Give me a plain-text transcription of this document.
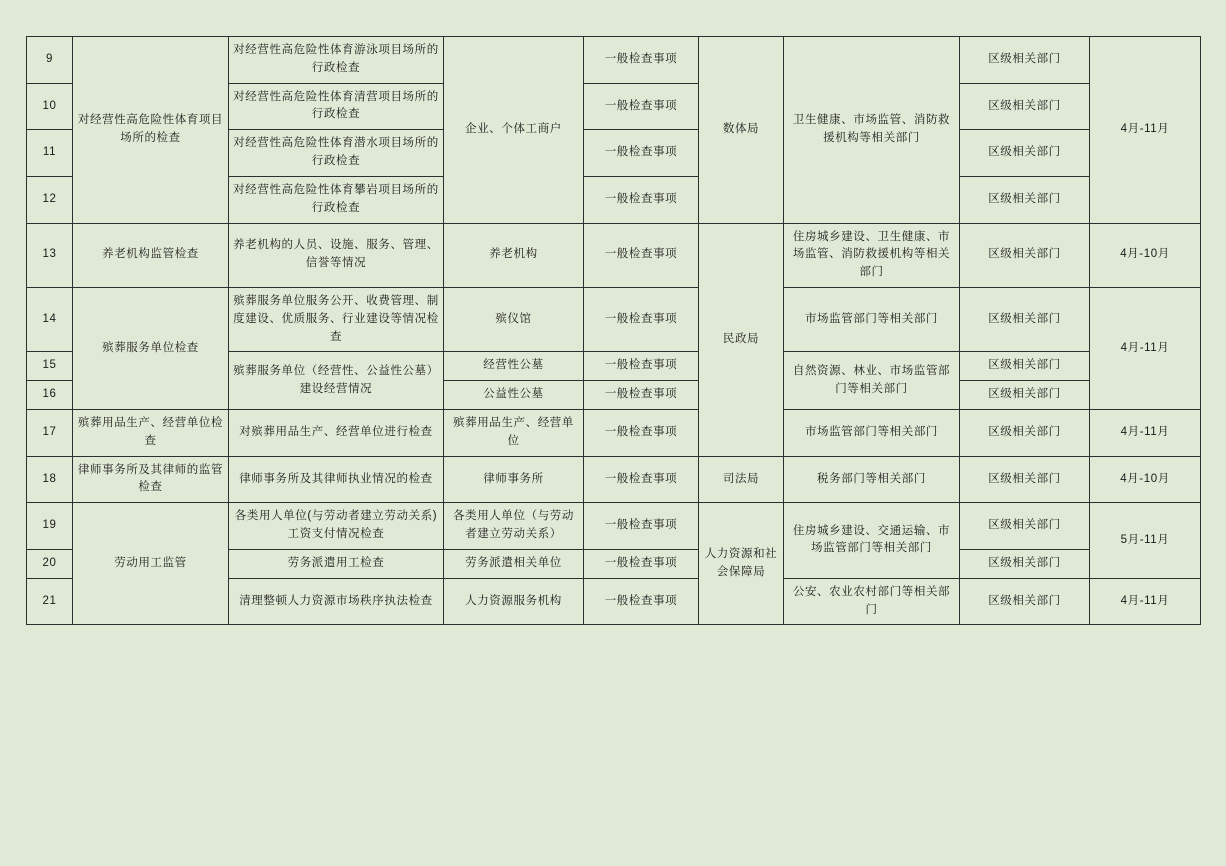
9	对经营性高危险性体育项目场所的检查	对经营性高危险性体育游泳项目场所的行政检查	企业、个体工商户	一般检查事项	数体局	卫生健康、市场监管、消防救援机构等相关部门	区级相关部门	4月-11月
10		对经营性高危险性体育清营项目场所的行政检查		一般检查事项			区级相关部门	
11		对经营性高危险性体育潜水项目场所的行政检查		一般检查事项			区级相关部门	
12		对经营性高危险性体育攀岩项目场所的行政检查		一般检查事项			区级相关部门	
13	养老机构监管检查	养老机构的人员、设施、服务、管理、信誉等情况	养老机构	一般检查事项	民政局	住房城乡建设、卫生健康、市场监管、消防救援机构等相关部门	区级相关部门	4月-10月
14	殡葬服务单位检查	殡葬服务单位服务公开、收费管理、制度建设、优质服务、行业建设等情况检查	殡仪馆	一般检查事项		市场监管部门等相关部门	区级相关部门	4月-11月
15		殡葬服务单位（经营性、公益性公墓）建设经营情况	经营性公墓	一般检查事项		自然资源、林业、市场监管部门等相关部门	区级相关部门	
16			公益性公墓	一般检查事项			区级相关部门	
17	殡葬用品生产、经营单位检查	对殡葬用品生产、经营单位进行检查	殡葬用品生产、经营单位	一般检查事项		市场监管部门等相关部门	区级相关部门	4月-11月
18	律师事务所及其律师的监管检查	律师事务所及其律师执业情况的检查	律师事务所	一般检查事项	司法局	税务部门等相关部门	区级相关部门	4月-10月
19	劳动用工监管	各类用人单位(与劳动者建立劳动关系)工资支付情况检查	各类用人单位（与劳动者建立劳动关系）	一般检查事项	人力资源和社会保障局	住房城乡建设、交通运输、市场监管部门等相关部门	区级相关部门	5月-11月
20		劳务派遣用工检查	劳务派遣相关单位	一般检查事项			区级相关部门	
21		清理整顿人力资源市场秩序执法检查	人力资源服务机构	一般检查事项		公安、农业农村部门等相关部门	区级相关部门	4月-11月
